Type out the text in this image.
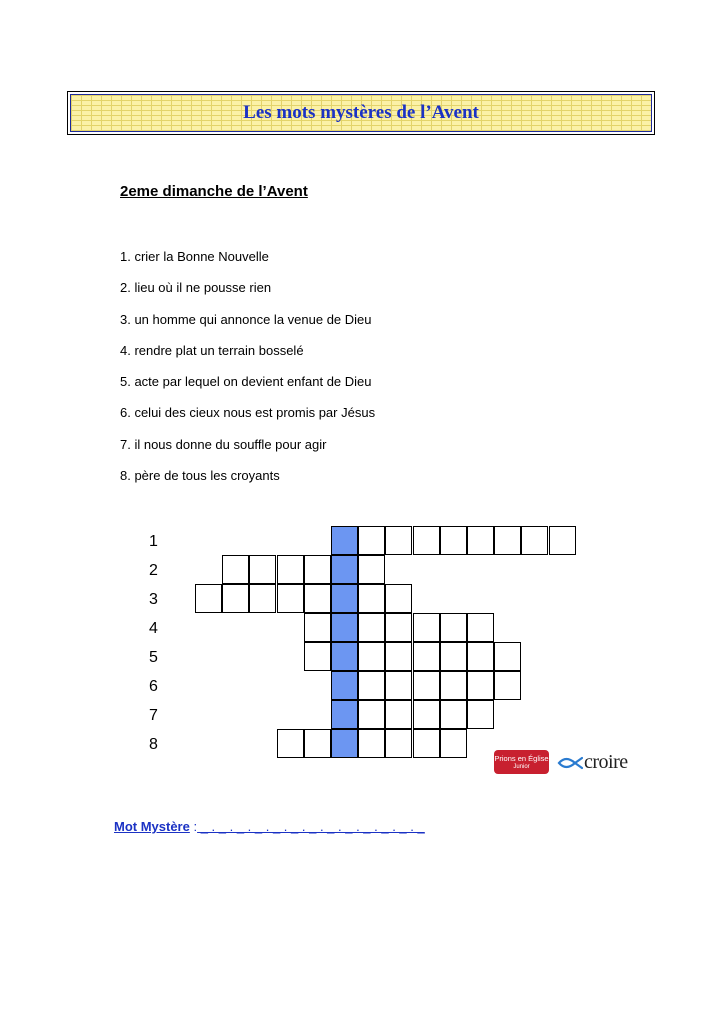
Les mots mystères de l’Avent
2eme dimanche de l’Avent
1. crier la Bonne Nouvelle
2. lieu où il ne pousse rien
3. un homme qui annonce la venue de Dieu
4. rendre plat un terrain bosselé
5. acte par lequel on devient enfant de Dieu
6. celui des cieux nous est promis par Jésus
7. il nous donne du souffle pour agir
8. père de tous les croyants
1
2
3
4
5
6
7
8
Prions en Église
Junior	croire
Mot Mystère : _ . _ . _ . _ . _ . _ . _ . _ . _ . _ . _ . _ . _
